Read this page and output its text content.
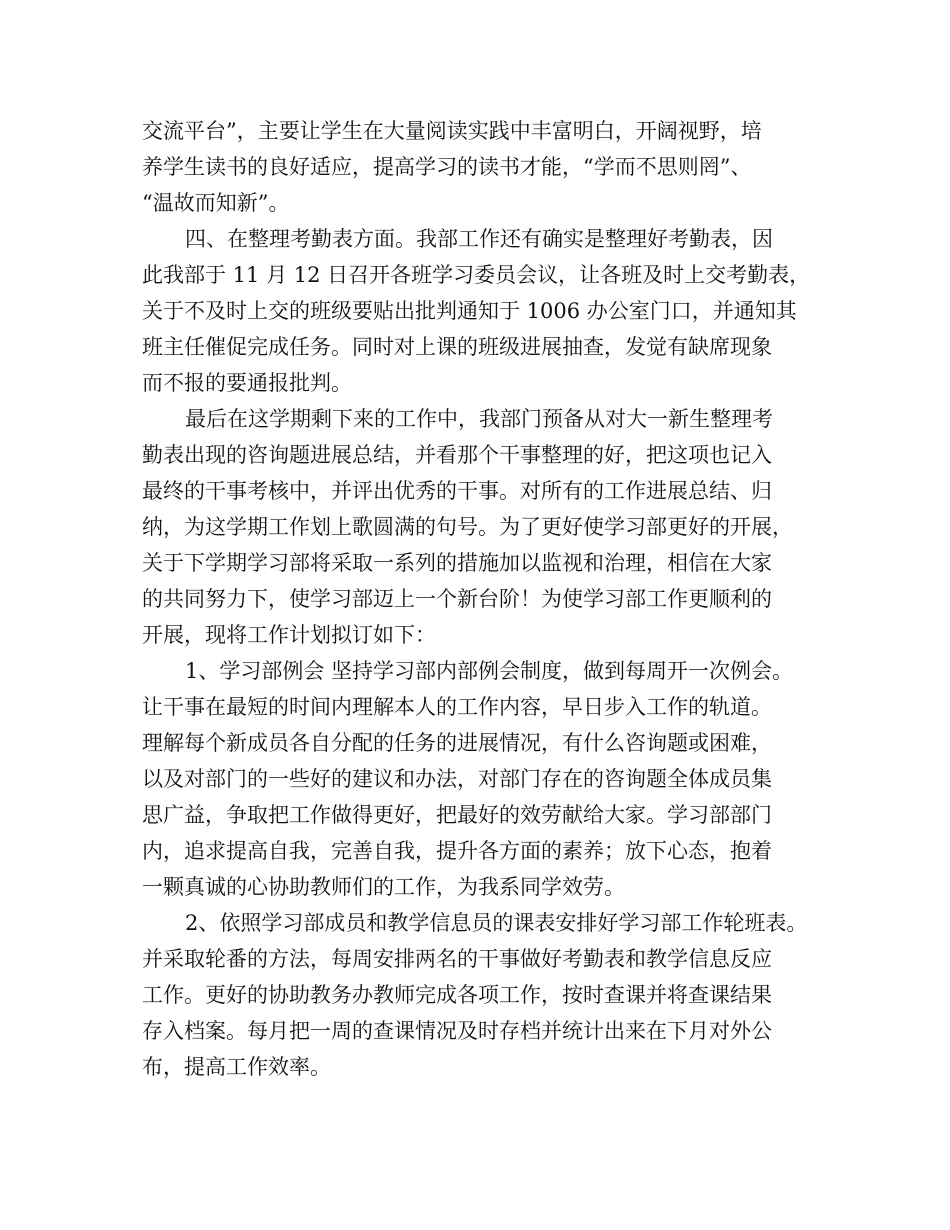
交流平台”，主要让学生在大量阅读实践中丰富明白，开阔视野，培

养学生读书的良好适应，提高学习的读书才能，“学而不思则罔”、

“温故而知新”。

四、在整理考勤表方面。我部工作还有确实是整理好考勤表，因

此我部于 11 月 12 日召开各班学习委员会议，让各班及时上交考勤表，

关于不及时上交的班级要贴出批判通知于 1006 办公室门口，并通知其

班主任催促完成任务。同时对上课的班级进展抽查，发觉有缺席现象

而不报的要通报批判。

最后在这学期剩下来的工作中，我部门预备从对大一新生整理考

勤表出现的咨询题进展总结，并看那个干事整理的好，把这项也记入

最终的干事考核中，并评出优秀的干事。对所有的工作进展总结、归

纳，为这学期工作划上歌圆满的句号。为了更好使学习部更好的开展，

关于下学期学习部将采取一系列的措施加以监视和治理，相信在大家

的共同努力下，使学习部迈上一个新台阶！为使学习部工作更顺利的

开展，现将工作计划拟订如下：

1、学习部例会 坚持学习部内部例会制度，做到每周开一次例会。

让干事在最短的时间内理解本人的工作内容，早日步入工作的轨道。

理解每个新成员各自分配的任务的进展情况，有什么咨询题或困难，

以及对部门的一些好的建议和办法，对部门存在的咨询题全体成员集

思广益，争取把工作做得更好，把最好的效劳献给大家。学习部部门

内，追求提高自我，完善自我，提升各方面的素养；放下心态，抱着

一颗真诚的心协助教师们的工作，为我系同学效劳。

2、依照学习部成员和教学信息员的课表安排好学习部工作轮班表。

并采取轮番的方法，每周安排两名的干事做好考勤表和教学信息反应

工作。更好的协助教务办教师完成各项工作，按时查课并将查课结果

存入档案。每月把一周的查课情况及时存档并统计出来在下月对外公

布，提高工作效率。
